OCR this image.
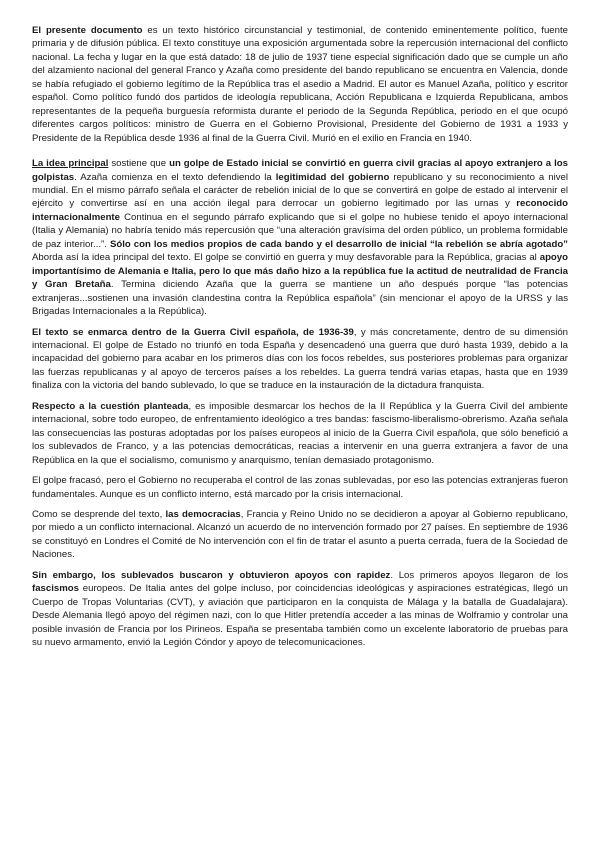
El presente documento es un texto histórico circunstancial y testimonial, de contenido eminentemente político, fuente primaria y de difusión pública. El texto constituye una exposición argumentada sobre la repercusión internacional del conflicto nacional. La fecha y lugar en la que está datado: 18 de julio de 1937 tiene especial significación dado que se cumple un año del alzamiento nacional del general Franco y Azaña como presidente del bando republicano se encuentra en Valencia, donde se había refugiado el gobierno legítimo de la República tras el asedio a Madrid. El autor es Manuel Azaña, político y escritor español. Como político fundó dos partidos de ideología republicana, Acción Republicana e Izquierda Republicana, ambos representantes de la pequeña burguesía reformista durante el periodo de la Segunda República, periodo en el que ocupó diferentes cargos políticos: ministro de Guerra en el Gobierno Provisional, Presidente del Gobierno de 1931 a 1933 y Presidente de la República desde 1936 al final de la Guerra Civil. Murió en el exilio en Francia en 1940.

La idea principal sostiene que un golpe de Estado inicial se convirtió en guerra civil gracias al apoyo extranjero a los golpistas. Azaña comienza en el texto defendiendo la legitimidad del gobierno republicano y su reconocimiento a nivel mundial. En el mismo párrafo señala el carácter de rebelión inicial de lo que se convertirá en golpe de estado al intervenir el ejército y convertirse así en una acción ilegal para derrocar un gobierno legitimado por las urnas y reconocido internacionalmente Continua en el segundo párrafo explicando que si el golpe no hubiese tenido el apoyo internacional (Italia y Alemania) no habría tenido más repercusión que “una alteración gravísima del orden público, un problema formidable de paz interior...”. Sólo con los medios propios de cada bando y el desarrollo de inicial “la rebelión se abría agotado” Aborda así la idea principal del texto. El golpe se convirtió en guerra y muy desfavorable para la República, gracias al apoyo importantísimo de Alemania e Italia, pero lo que más daño hizo a la república fue la actitud de neutralidad de Francia y Gran Bretaña. Termina diciendo Azaña que la guerra se mantiene un año después porque “las potencias extranjeras...sostienen una invasión clandestina contra la República española” (sin mencionar el apoyo de la URSS y las Brigadas Internacionales a la República).

El texto se enmarca dentro de la Guerra Civil española, de 1936-39, y más concretamente, dentro de su dimensión internacional. El golpe de Estado no triunfó en toda España y desencadenó una guerra que duró hasta 1939, debido a la incapacidad del gobierno para acabar en los primeros días con los focos rebeldes, sus posteriores problemas para organizar las fuerzas republicanas y al apoyo de terceros países a los rebeldes. La guerra tendrá varias etapas, hasta que en 1939 finaliza con la victoria del bando sublevado, lo que se traduce en la instauración de la dictadura franquista.

Respecto a la cuestión planteada, es imposible desmarcar los hechos de la II República y la Guerra Civil del ambiente internacional, sobre todo europeo, de enfrentamiento ideológico a tres bandas: fascismo-liberalismo-obrerismo. Azaña señala las consecuencias las posturas adoptadas por los países europeos al inicio de la Guerra Civil española, que sólo benefició a los sublevados de Franco, y a las potencias democráticas, reacias a intervenir en una guerra extranjera a favor de una República en la que el socialismo, comunismo y anarquismo, tenían demasiado protagonismo.

El golpe fracasó, pero el Gobierno no recuperaba el control de las zonas sublevadas, por eso las potencias extranjeras fueron fundamentales. Aunque es un conflicto interno, está marcado por la crisis internacional.

Como se desprende del texto, las democracias, Francia y Reino Unido no se decidieron a apoyar al Gobierno republicano, por miedo a un conflicto internacional. Alcanzó un acuerdo de no intervención formado por 27 países. En septiembre de 1936 se constituyó en Londres el Comité de No intervención con el fin de tratar el asunto a puerta cerrada, fuera de la Sociedad de Naciones.

Sin embargo, los sublevados buscaron y obtuvieron apoyos con rapidez. Los primeros apoyos llegaron de los fascismos europeos. De Italia antes del golpe incluso, por coincidencias ideológicas y aspiraciones estratégicas, llegó un Cuerpo de Tropas Voluntarias (CVT), y aviación que participaron en la conquista de Málaga y la batalla de Guadalajara). Desde Alemania llegó apoyo del régimen nazi, con lo que Hitler pretendía acceder a las minas de Wolframio y controlar una posible invasión de Francia por los Pirineos. España se presentaba también como un excelente laboratorio de pruebas para su nuevo armamento, envió la Legión Cóndor y apoyo de telecomunicaciones.
